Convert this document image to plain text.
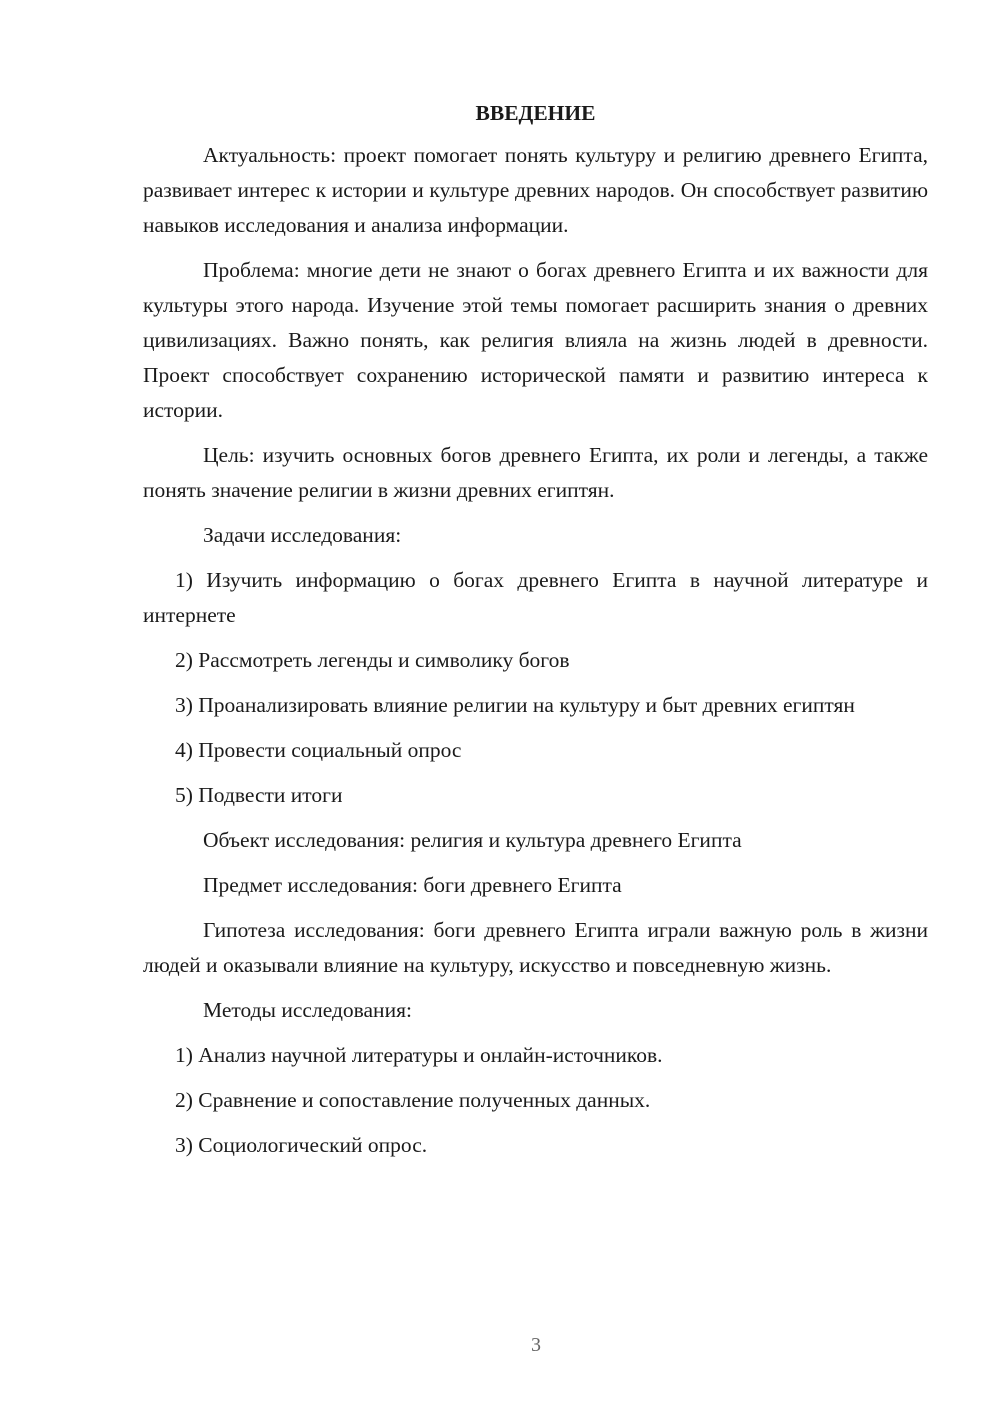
ВВЕДЕНИЕ
Актуальность: проект помогает понять культуру и религию древнего Египта, развивает интерес к истории и культуре древних народов. Он способствует развитию навыков исследования и анализа информации.
Проблема: многие дети не знают о богах древнего Египта и их важности для культуры этого народа. Изучение этой темы помогает расширить знания о древних цивилизациях. Важно понять, как религия влияла на жизнь людей в древности. Проект способствует сохранению исторической памяти и развитию интереса к истории.
Цель: изучить основных богов древнего Египта, их роли и легенды, а также понять значение религии в жизни древних египтян.
Задачи исследования:
1) Изучить информацию о богах древнего Египта в научной литературе и интернете
2) Рассмотреть легенды и символику богов
3) Проанализировать влияние религии на культуру и быт древних египтян
4) Провести социальный опрос
5) Подвести итоги
Объект исследования: религия и культура древнего Египта
Предмет исследования: боги древнего Египта
Гипотеза исследования: боги древнего Египта играли важную роль в жизни людей и оказывали влияние на культуру, искусство и повседневную жизнь.
Методы исследования:
1) Анализ научной литературы и онлайн-источников.
2) Сравнение и сопоставление полученных данных.
3) Социологический опрос.
3
